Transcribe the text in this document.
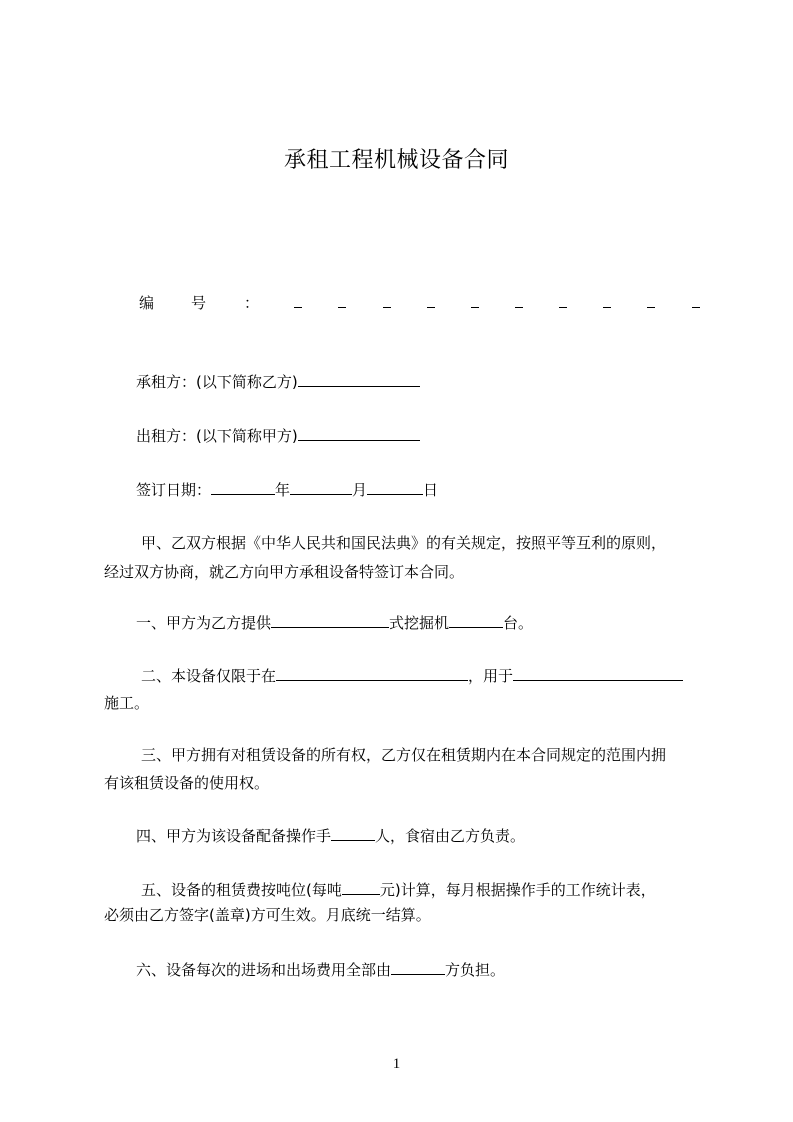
承租工程机械设备合同
编 号	：
承租方：(以下简称乙方)
出租方：(以下简称甲方)
签订日期：	年	月	日
甲、乙双方根据《中华人民共和国民法典》的有关规定，按照平等互利的原则，
经过双方协商，就乙方向甲方承租设备特签订本合同。
一、甲方为乙方提供	式挖掘机	台。
二、本设备仅限于在	，用于
施工。
三、甲方拥有对租赁设备的所有权，乙方仅在租赁期内在本合同规定的范围内拥
有该租赁设备的使用权。
四、甲方为该设备配备操作手	人，食宿由乙方负责。
五、设备的租赁费按吨位(每吨	元)计算，每月根据操作手的工作统计表，
必须由乙方签字(盖章)方可生效。月底统一结算。
六、设备每次的进场和出场费用全部由	方负担。
1
